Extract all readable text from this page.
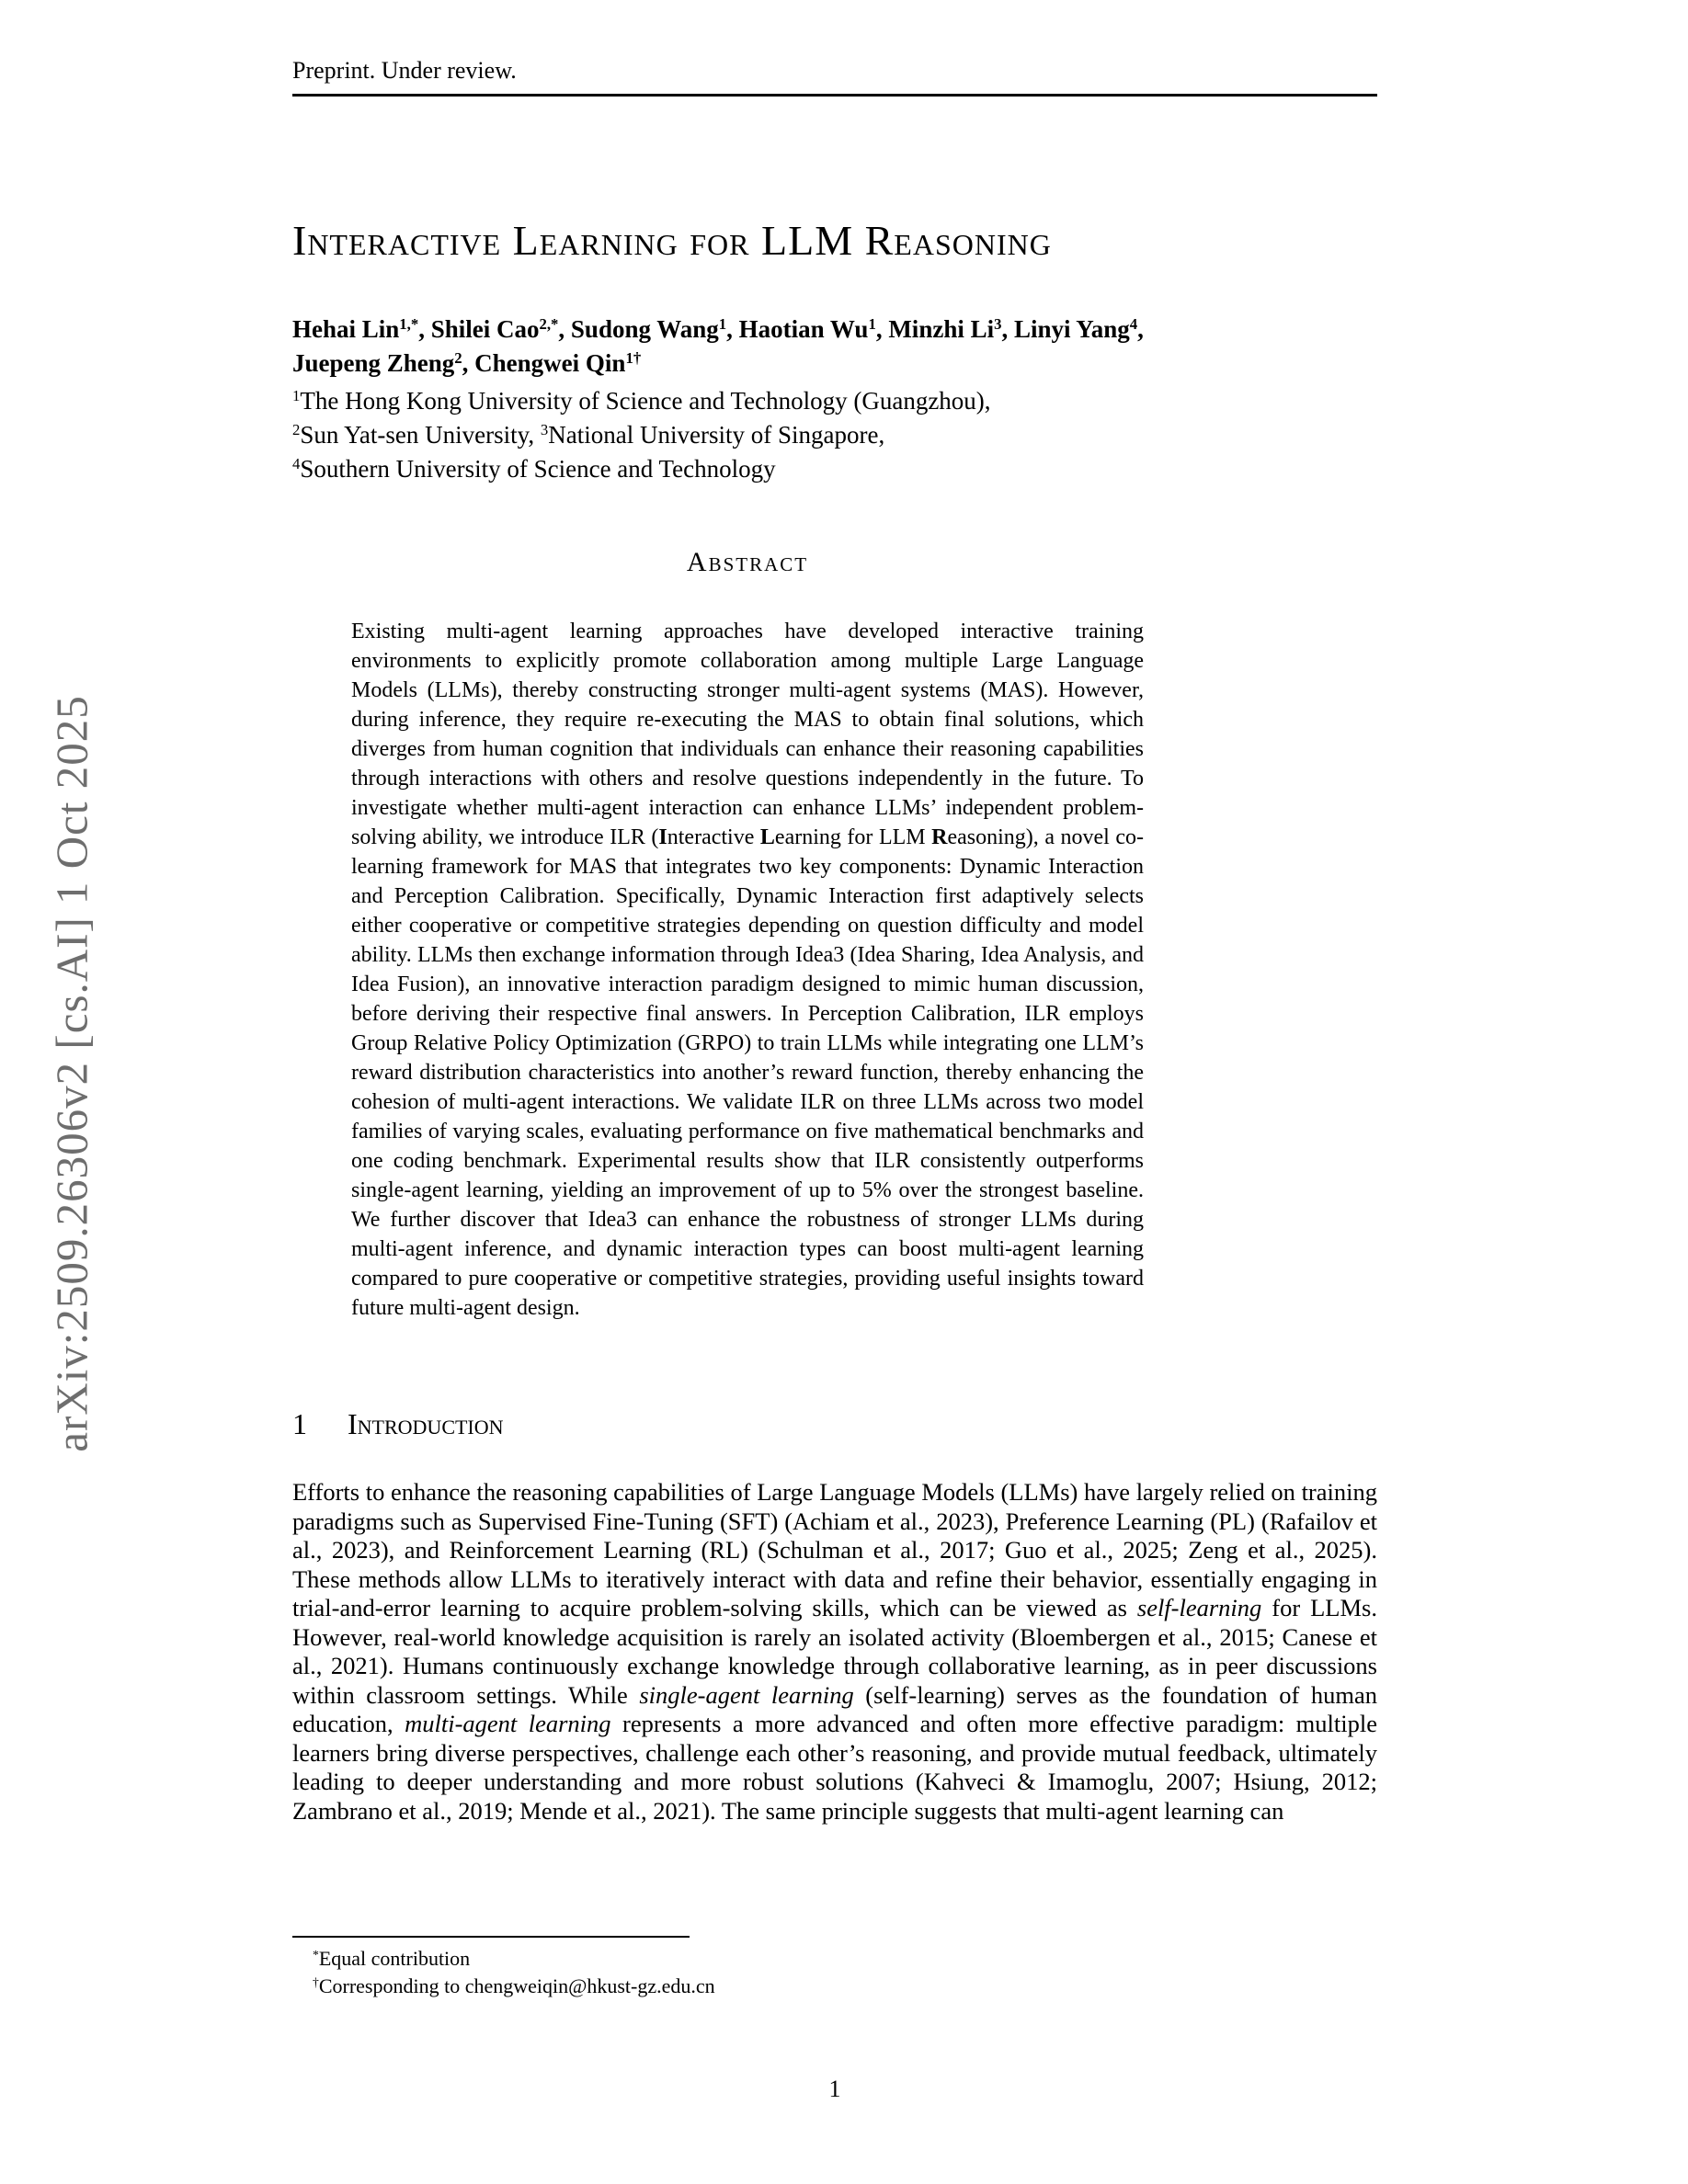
arXiv:2509.26306v2 [cs.AI] 1 Oct 2025
Preprint. Under review.
Interactive Learning for LLM Reasoning
Hehai Lin$^{1,*}$, Shilei Cao$^{2,*}$, Sudong Wang$^1$, Haotian Wu$^1$, Minzhi Li$^3$, Linyi Yang$^4$,
Juepeng Zheng$^2$, Chengwei Qin$^{1\dagger}$
$^1$The Hong Kong University of Science and Technology (Guangzhou),
$^2$Sun Yat-sen University, $^3$National University of Singapore,
$^4$Southern University of Science and Technology
Abstract

Existing multi-agent learning approaches have developed interactive training environments to explicitly promote collaboration among multiple Large Language Models (LLMs), thereby constructing stronger multi-agent systems (MAS). However, during inference, they require re-executing the MAS to obtain final solutions, which diverges from human cognition that individuals can enhance their reasoning capabilities through interactions with others and resolve questions independently in the future. To investigate whether multi-agent interaction can enhance LLMs’ independent problem-solving ability, we introduce ILR (Interactive Learning for LLM Reasoning), a novel co-learning framework for MAS that integrates two key components: Dynamic Interaction and Perception Calibration. Specifically, Dynamic Interaction first adaptively selects either cooperative or competitive strategies depending on question difficulty and model ability. LLMs then exchange information through Idea3 (Idea Sharing, Idea Analysis, and Idea Fusion), an innovative interaction paradigm designed to mimic human discussion, before deriving their respective final answers. In Perception Calibration, ILR employs Group Relative Policy Optimization (GRPO) to train LLMs while integrating one LLM’s reward distribution characteristics into another’s reward function, thereby enhancing the cohesion of multi-agent interactions. We validate ILR on three LLMs across two model families of varying scales, evaluating performance on five mathematical benchmarks and one coding benchmark. Experimental results show that ILR consistently outperforms single-agent learning, yielding an improvement of up to 5% over the strongest baseline. We further discover that Idea3 can enhance the robustness of stronger LLMs during multi-agent inference, and dynamic interaction types can boost multi-agent learning compared to pure cooperative or competitive strategies, providing useful insights toward future multi-agent design.

1 Introduction

Efforts to enhance the reasoning capabilities of Large Language Models (LLMs) have largely relied on training paradigms such as Supervised Fine-Tuning (SFT) (Achiam et al., 2023), Preference Learning (PL) (Rafailov et al., 2023), and Reinforcement Learning (RL) (Schulman et al., 2017; Guo et al., 2025; Zeng et al., 2025). These methods allow LLMs to iteratively interact with data and refine their behavior, essentially engaging in trial-and-error learning to acquire problem-solving skills, which can be viewed as self-learning for LLMs. However, real-world knowledge acquisition is rarely an isolated activity (Bloembergen et al., 2015; Canese et al., 2021). Humans continuously exchange knowledge through collaborative learning, as in peer discussions within classroom settings. While single-agent learning (self-learning) serves as the foundation of human education, multi-agent learning represents a more advanced and often more effective paradigm: multiple learners bring diverse perspectives, challenge each other’s reasoning, and provide mutual feedback, ultimately leading to deeper understanding and more robust solutions (Kahveci & Imamoglu, 2007; Hsiung, 2012; Zambrano et al., 2019; Mende et al., 2021). The same principle suggests that multi-agent learning can

*Equal contribution
†Corresponding to chengweiqin@hkust-gz.edu.cn
1
